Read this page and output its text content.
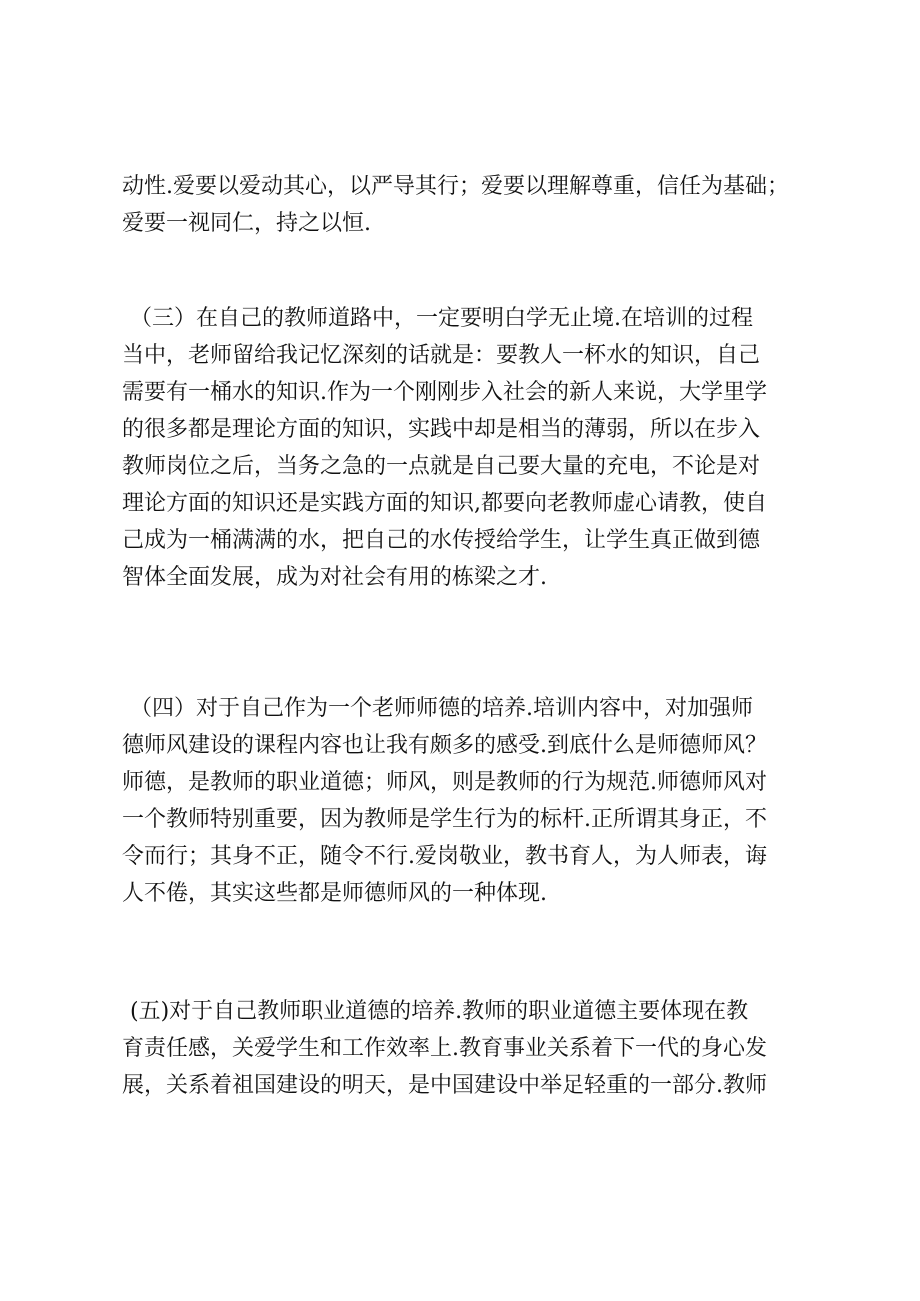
动性.爱要以爱动其心，以严导其行；爱要以理解尊重，信任为基础；
爱要一视同仁，持之以恒.
（三）在自己的教师道路中，一定要明白学无止境.在培训的过程
当中，老师留给我记忆深刻的话就是：要教人一杯水的知识，自己
需要有一桶水的知识.作为一个刚刚步入社会的新人来说，大学里学
的很多都是理论方面的知识，实践中却是相当的薄弱，所以在步入
教师岗位之后，当务之急的一点就是自己要大量的充电，不论是对
理论方面的知识还是实践方面的知识,都要向老教师虚心请教，使自
己成为一桶满满的水，把自己的水传授给学生，让学生真正做到德
智体全面发展，成为对社会有用的栋梁之才.
（四）对于自己作为一个老师师德的培养.培训内容中，对加强师
德师风建设的课程内容也让我有颇多的感受.到底什么是师德师风？
师德，是教师的职业道德；师风，则是教师的行为规范.师德师风对
一个教师特别重要，因为教师是学生行为的标杆.正所谓其身正，不
令而行；其身不正，随令不行.爱岗敬业，教书育人，为人师表，诲
人不倦，其实这些都是师德师风的一种体现.
(五)对于自己教师职业道德的培养.教师的职业道德主要体现在教
育责任感，关爱学生和工作效率上.教育事业关系着下一代的身心发
展，关系着祖国建设的明天，是中国建设中举足轻重的一部分.教师
